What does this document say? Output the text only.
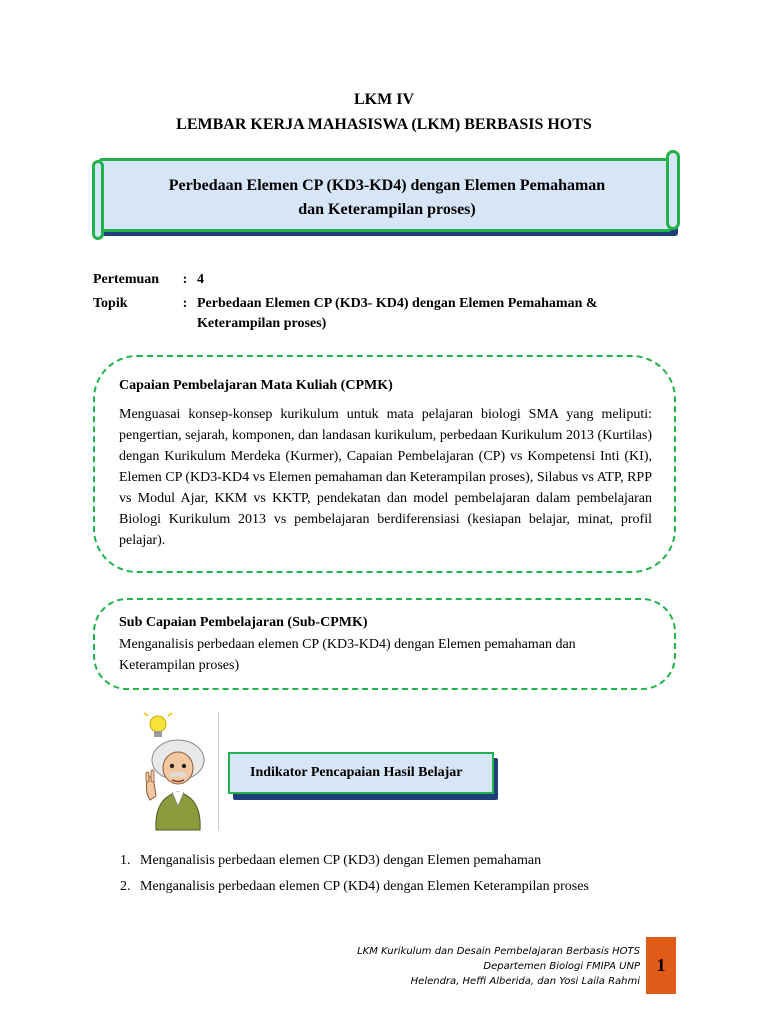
LKM IV
LEMBAR KERJA MAHASISWA (LKM) BERBASIS HOTS
Perbedaan Elemen CP (KD3-KD4) dengan Elemen Pemahaman
dan Keterampilan proses)
Pertemuan	: 4
Topik	: Perbedaan Elemen CP (KD3- KD4) dengan Elemen Pemahaman &
Keterampilan proses)
Capaian Pembelajaran Mata Kuliah (CPMK)
Menguasai konsep-konsep kurikulum untuk mata pelajaran biologi SMA yang meliputi: pengertian, sejarah, komponen, dan landasan kurikulum, perbedaan Kurikulum 2013 (Kurtilas) dengan Kurikulum Merdeka (Kurmer), Capaian Pembelajaran (CP) vs Kompetensi Inti (KI), Elemen CP (KD3-KD4 vs Elemen pemahaman dan Keterampilan proses), Silabus vs ATP, RPP vs Modul Ajar, KKM vs KKTP, pendekatan dan model pembelajaran dalam pembelajaran Biologi Kurikulum 2013 vs pembelajaran berdiferensiasi (kesiapan belajar, minat, profil pelajar).
Sub Capaian Pembelajaran (Sub-CPMK)
Menganalisis perbedaan elemen CP (KD3-KD4) dengan Elemen pemahaman dan
Keterampilan proses)
Indikator Pencapaian Hasil Belajar
1. Menganalisis perbedaan elemen CP (KD3) dengan Elemen pemahaman
2. Menganalisis perbedaan elemen CP (KD4) dengan Elemen Keterampilan proses
LKM Kurikulum dan Desain Pembelajaran Berbasis HOTS
Departemen Biologi FMIPA UNP
Helendra, Heffi Alberida, dan Yosi Laila Rahmi
1
